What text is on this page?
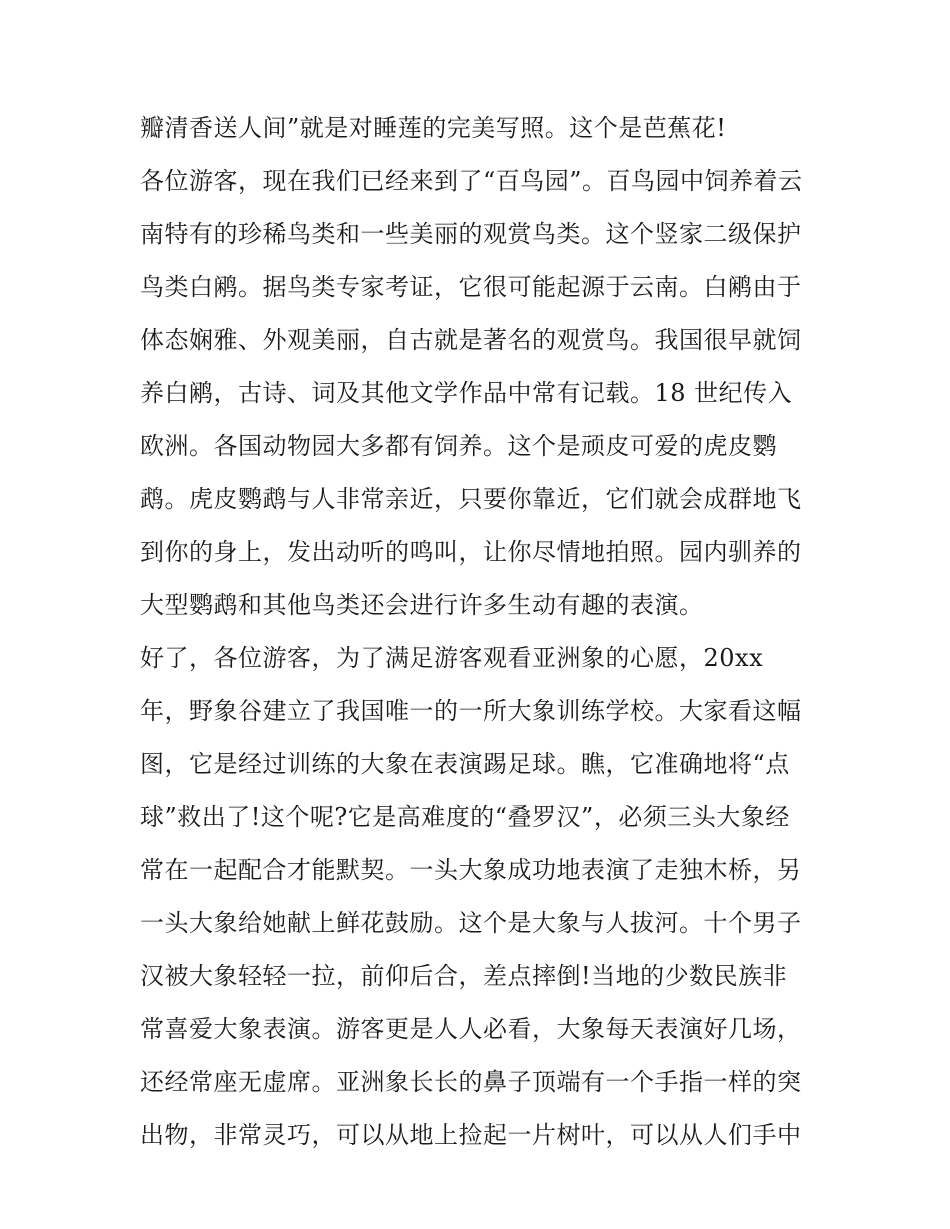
瓣清香送人间”就是对睡莲的完美写照。这个是芭蕉花!
各位游客，现在我们已经来到了“百鸟园”。百鸟园中饲养着云
南特有的珍稀鸟类和一些美丽的观赏鸟类。这个竖家二级保护
鸟类白鹇。据鸟类专家考证，它很可能起源于云南。白鹇由于
体态娴雅、外观美丽，自古就是著名的观赏鸟。我国很早就饲
养白鹇，古诗、词及其他文学作品中常有记载。18 世纪传入
欧洲。各国动物园大多都有饲养。这个是顽皮可爱的虎皮鹦
鹉。虎皮鹦鹉与人非常亲近，只要你靠近，它们就会成群地飞
到你的身上，发出动听的鸣叫，让你尽情地拍照。园内驯养的
大型鹦鹉和其他鸟类还会进行许多生动有趣的表演。
好了，各位游客，为了满足游客观看亚洲象的心愿，20xx
年，野象谷建立了我国唯一的一所大象训练学校。大家看这幅
图，它是经过训练的大象在表演踢足球。瞧，它准确地将“点
球”救出了!这个呢?它是高难度的“叠罗汉”，必须三头大象经
常在一起配合才能默契。一头大象成功地表演了走独木桥，另
一头大象给她献上鲜花鼓励。这个是大象与人拔河。十个男子
汉被大象轻轻一拉，前仰后合，差点摔倒!当地的少数民族非
常喜爱大象表演。游客更是人人必看，大象每天表演好几场，
还经常座无虚席。亚洲象长长的鼻子顶端有一个手指一样的突
出物，非常灵巧，可以从地上捡起一片树叶，可以从人们手中
